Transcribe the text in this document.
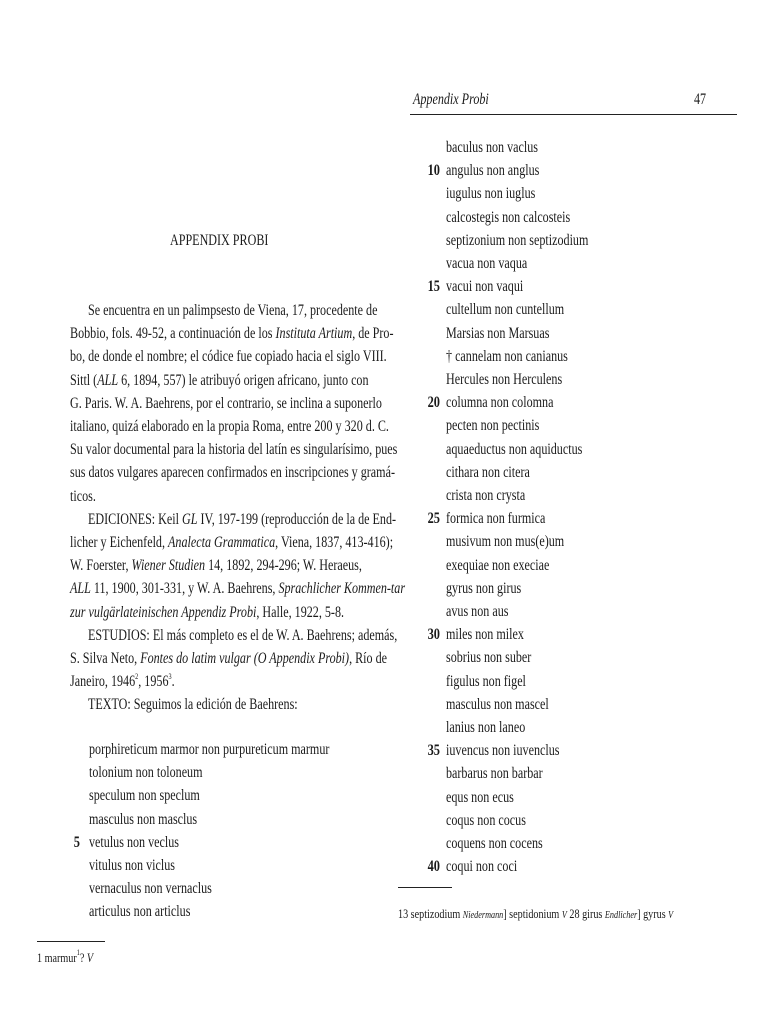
Appendix Probi	47
APPENDIX PROBI
Se encuentra en un palimpsesto de Viena, 17, procedente de
Bobbio, fols. 49-52, a continuación de los Instituta Artium, de Pro-
bo, de donde el nombre; el códice fue copiado hacia el siglo VIII.
Sittl (ALL 6, 1894, 557) le atribuyó origen africano, junto con
G. Paris. W. A. Baehrens, por el contrario, se inclina a suponerlo
italiano, quizá elaborado en la propia Roma, entre 200 y 320 d. C.
Su valor documental para la historia del latín es singularísimo, pues
sus datos vulgares aparecen confirmados en inscripciones y gramá-
ticos.
EDICIONES: Keil GL IV, 197-199 (reproducción de la de End-
licher y Eichenfeld, Analecta Grammatica, Viena, 1837, 413-416);
W. Foerster, Wiener Studien 14, 1892, 294-296; W. Heraeus,
ALL 11, 1900, 301-331, y W. A. Baehrens, Sprachlicher Kommen-tar
zur vulgärlateinischen Appendiz Probi, Halle, 1922, 5-8.
ESTUDIOS: El más completo es el de W. A. Baehrens; además,
S. Silva Neto, Fontes do latim vulgar (O Appendix Probi), Río de
Janeiro, 1946$^2$, 1956$^3$.
TEXTO: Seguimos la edición de Baehrens:
porphireticum marmor non purpureticum marmur
tolonium non toloneum
speculum non speclum
masculus non masclus
5 vetulus non veclus
vitulus non viclus
vernaculus non vernaclus
articulus non articlus
baculus non vaclus
10 angulus non anglus
iugulus non iuglus
calcostegis non calcosteis
septizonium non septizodium
vacua non vaqua
15 vacui non vaqui
cultellum non cuntellum
Marsias non Marsuas
† cannelam non canianus
Hercules non Herculens
20 columna non colomna
pecten non pectinis
aquaeductus non aquiductus
cithara non citera
crista non crysta
25 formica non furmica
musivum non mus(e)um
exequiae non execiae
gyrus non girus
avus non aus
30 miles non milex
sobrius non suber
figulus non figel
masculus non mascel
lanius non laneo
35 iuvencus non iuvenclus
barbarus non barbar
equs non ecus
coqus non cocus
coquens non cocens
40 coqui non coci
1 marmur$^1$? V
13 septizodium Niedermann] septidonium V 28 girus Endlicher] gyrus V
